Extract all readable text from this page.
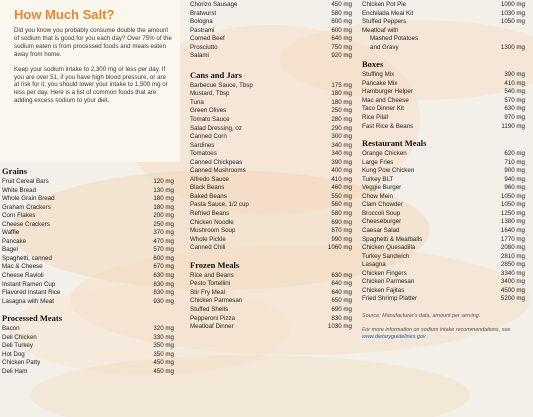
How Much Salt?

Did you know you probably consume double the amount of sodium that is good for you each day? Over 75% of the sodium eaten is from processed foods and meals eaten away from home.

Keep your sodium intake to 2,300 mg or less per day. If you are over 51, if you have high blood pressure, or are at risk for it, you should lower your intake to 1,500 mg or less per day. Here is a list of common foods that are adding excess sodium to your diet.

Grains
Fruit Cereal Bars	120 mg
White Bread	130 mg
Whole Grain Bread	180 mg
Graham Crackers	180 mg
Corn Flakes	200 mg
Cheese Crackers	250 mg
Waffle	370 mg
Pancake	470 mg
Bagel	570 mg
Spaghetti, canned	600 mg
Mac & Cheese	670 mg
Cheese Ravioli	630 mg
Instant Ramen Cup	830 mg
Flavored Instant Rice	830 mg
Lasagna with Meat	930 mg
Processed Meats
Bacon	320 mg
Deli Chicken	330 mg
Deli Turkey	350 mg
Hot Dog	350 mg
Chicken Patty	450 mg
Deli Ham	450 mg
Chorizo Sausage	450 mg
Bratwurst	580 mg
Bologna	600 mg
Pastrami	600 mg
Corned Beef	640 mg
Prosciutto	750 mg
Salami	920 mg
Cans and Jars
Barbecue Sauce, Tbsp	175 mg
Mustard, Tbsp	180 mg
Tuna	180 mg
Green Olives	250 mg
Tomato Sauce	280 mg
Salad Dressing, oz	290 mg
Canned Corn	300 mg
Sardines	340 mg
Tomatoes	340 mg
Canned Chickpeas	390 mg
Canned Mushrooms	400 mg
Alfredo Sauce	410 mg
Black Beans	460 mg
Baked Beans	550 mg
Pasta Sauce, 1/2 cup	560 mg
Refried Beans	580 mg
Chicken Noodle	690 mg
Mushroom Soup	870 mg
Whole Pickle	990 mg
Canned Chili	1060 mg
Frozen Meals
Rice and Beans	630 mg
Pesto Tortellini	640 mg
Stir Fry Meal	640 mg
Chicken Parmesan	650 mg
Stuffed Shells	690 mg
Pepperoni Pizza	830 mg
Meatloaf Dinner	1030 mg
Chicken Pot Pie	1000 mg
Enchilada Meal Kit	1030 mg
Stuffed Peppers	1050 mg
Meatloaf with
Mashed Potatoes
and Gravy	1300 mg
Boxes
Stuffing Mix	390 mg
Pancake Mix	410 mg
Hamburger Helper	540 mg
Mac and Cheese	570 mg
Taco Dinner Kit	630 mg
Rice Pilaf	970 mg
Fast Rice & Beans	1190 mg
Restaurant Meals
Orange Chicken	620 mg
Large Fries	710 mg
Kung Pow Chicken	900 mg
Turkey BLT	940 mg
Veggie Burger	960 mg
Chow Mein	1050 mg
Clam Chowder	1050 mg
Broccoli Soup	1250 mg
Cheeseburger	1380 mg
Caesar Salad	1640 mg
Spaghetti & Meatballs	1770 mg
Chicken Quesadilla	2080 mg
Turkey Sandwich	2810 mg
Lasagna	2850 mg
Chicken Fingers	3340 mg
Chicken Parmesan	3400 mg
Chicken Fajitas	4500 mg
Fried Shrimp Platter	5200 mg
Source: Manufacturer's data, amount per serving.
For more information on sodium intake recommendations, see www.dietaryguidelines.gov
